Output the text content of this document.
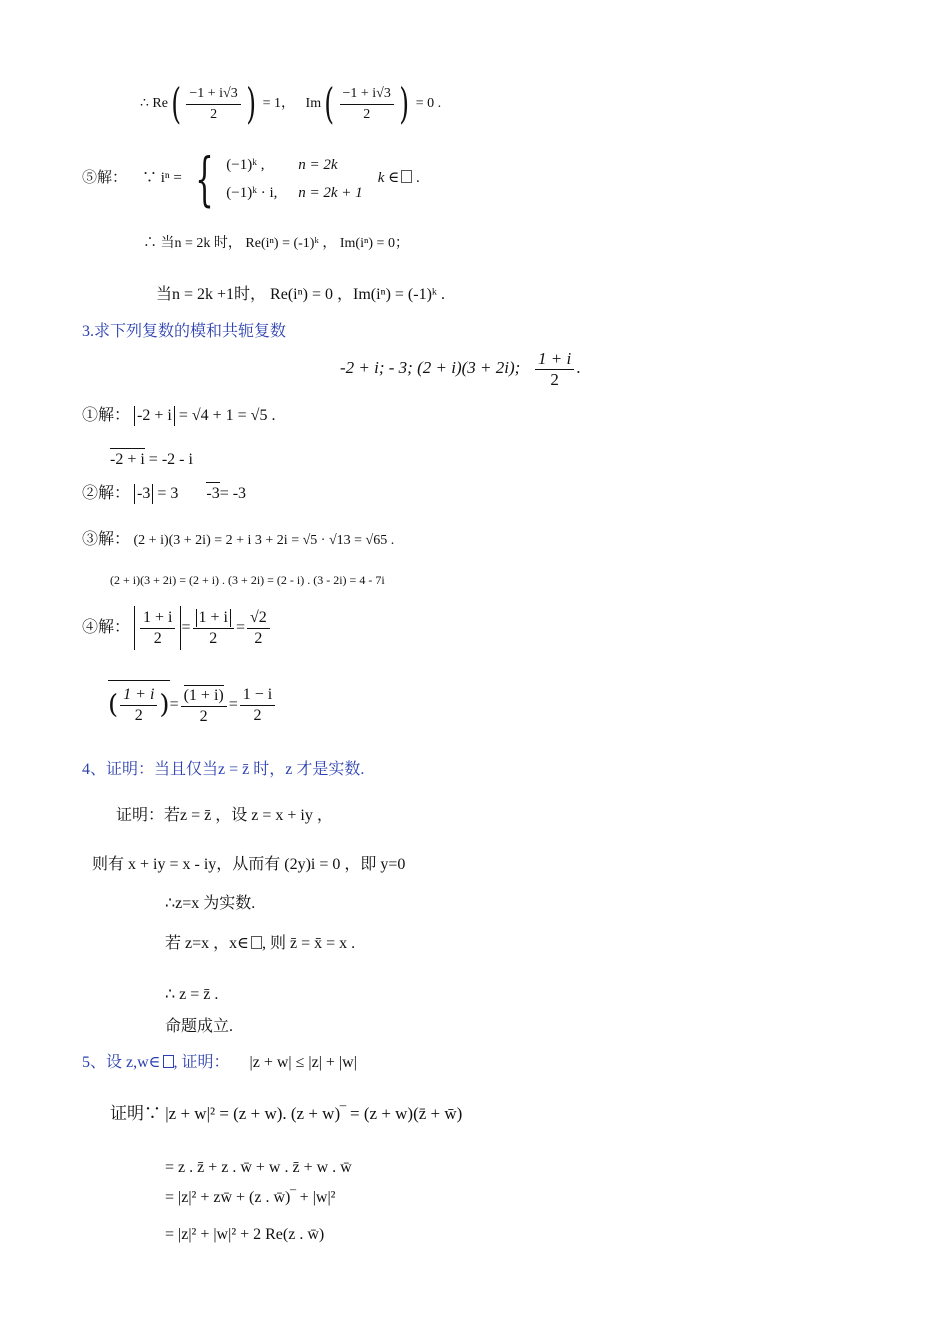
∴ $Re( \frac{-1 + i√3}{2}$ ) = 1， $Im( \frac{-1 + i√3}{2}$ ) = 0 .
⑤解： ∵ iⁿ = { (−1)ᵏ , n = 2k
(−1)ᵏ · i, n = 2k + 1
k ∈ .
∴ 当n = 2k 时， Re(iⁿ) = (-1)ᵏ ， Im(iⁿ) = 0；
当n = 2k +1时， Re(iⁿ) = 0 ，Im(iⁿ) = (-1)ᵏ .
3.求下列复数的模和共轭复数
-2 + i; - 3; (2 + i)(3 + 2i); $\frac{1 + i}{2}$ .
①解： -2 + i = √4 + 1 = √5 .
-2 + i = -2 - i
②解： -3 = 3 -3= -3
③解： (2 + i)(3 + 2i) = 2 + i 3 + 2i = √5 · √13 = √65 .
(2 + i)(3 + 2i) = (2 + i) . (3 + 2i) = (2 - i) . (3 - 2i) = 4 - 7i
④解： $\frac{1 + i}{2} = \frac{1 + i}{2} = \frac{√2}{2}$
( $\frac{1 + i}{2}$ )= $\frac{(1 + i)}{2} = \frac{1 - i}{2}$
4、证明：当且仅当z = z̄ 时，z 才是实数.
证明：若z = z̄ ，设 z = x + iy ，
则有 x + iy = x - iy，从而有 (2y)i = 0 ，即 y=0
∴z=x 为实数.
若 z=x ，x∈ , 则 z̄ = x̄ = x .
∴ z = z̄ .
命题成立.
5、设 z,w∈ , 证明： |z + w| ≤ |z| + |w|
证明∵ |z + w|² = (z + w). (z + w)‾ = (z + w)(z̄ + w̄)
= z . z̄ + z . w̄ + w . z̄ + w . w̄
= |z|² + zw̄ + (z . w̄)‾ + |w|²
= |z|² + |w|² + 2 Re(z . w̄)
